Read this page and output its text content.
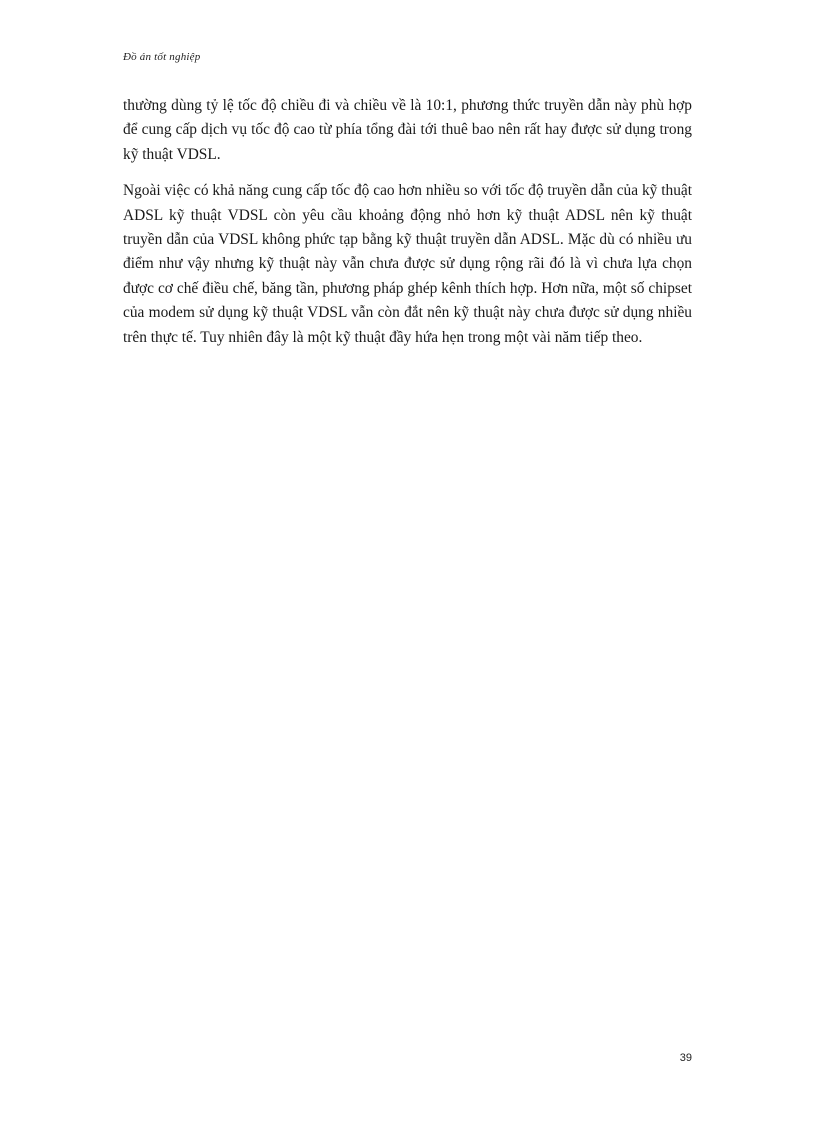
Đồ án tốt nghiệp

thường dùng tỷ lệ tốc độ chiều đi và chiều về là 10:1, phương thức truyền dẫn này phù hợp để cung cấp dịch vụ tốc độ cao từ phía tổng đài tới thuê bao nên rất hay được sử dụng trong kỹ thuật VDSL.

Ngoài việc có khả năng cung cấp tốc độ cao hơn nhiều so với tốc độ truyền dẫn của kỹ thuật ADSL kỹ thuật VDSL còn yêu cầu khoảng động nhỏ hơn kỹ thuật ADSL nên kỹ thuật truyền dẫn của VDSL không phức tạp bằng kỹ thuật truyền dẫn ADSL. Mặc dù có nhiều ưu điểm như vậy nhưng kỹ thuật này vẫn chưa được sử dụng rộng rãi đó là vì chưa lựa chọn được cơ chế điều chế, băng tần, phương pháp ghép kênh thích hợp. Hơn nữa, một số chipset của modem sử dụng kỹ thuật VDSL vẫn còn đắt nên kỹ thuật này chưa được sử dụng nhiều trên thực tế. Tuy nhiên đây là một kỹ thuật đầy hứa hẹn trong một vài năm tiếp theo.

39
